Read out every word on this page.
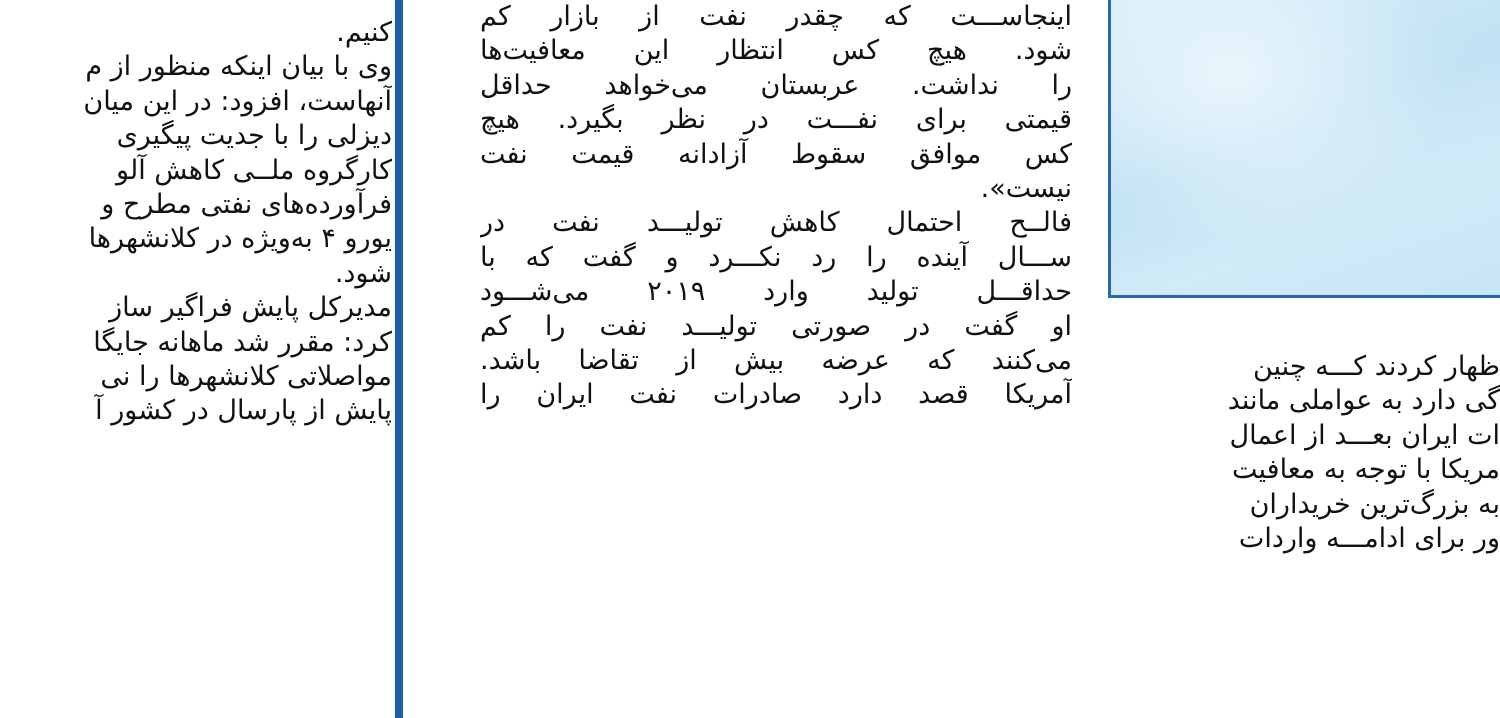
کنیم.
وی با بیان اینکه منظور از م
آنهاست، افزود: در این میان
دیزلی را با جدیت پیگیری
کارگروه ملــی کاهش آلو
فرآورده‌های نفتی مطرح و
یورو ۴ به‌ویژه در کلانشهرها
شود.
مدیرکل پایش فراگیر ساز
کرد: مقرر شد ماهانه جایگا
مواصلاتی کلانشهرها را نی
پایش از پارسال در کشور آ
اینجاســـت که چقدر نفت از بازار کم
شود. هیچ کس انتظار این معافیت‌ها
را نداشت. عربستان می‌خواهد حداقل
قیمتی برای نفـــت در نظر بگیرد. هیچ
کس موافق سقوط آزادانه قیمت نفت
نیست».
فالــح احتمال کاهش تولیـــد نفت در
ســـال آینده را رد نکـــرد و گفت که با
حداقـــل تولید وارد ۲۰۱۹ می‌شـــود
او گفت در صورتی تولیـــد نفت را کم
می‌کنند که عرضه بیش از تقاضا باشد.
آمریکا قصد دارد صادرات نفت ایران را
ظهار کردند کـــه چنین
گی دارد به عواملی مانند
ات ایران بعـــد از اعمال
مریکا با توجه به معافیت
به بزرگ‌ترین خریداران
ور برای ادامـــه واردات
